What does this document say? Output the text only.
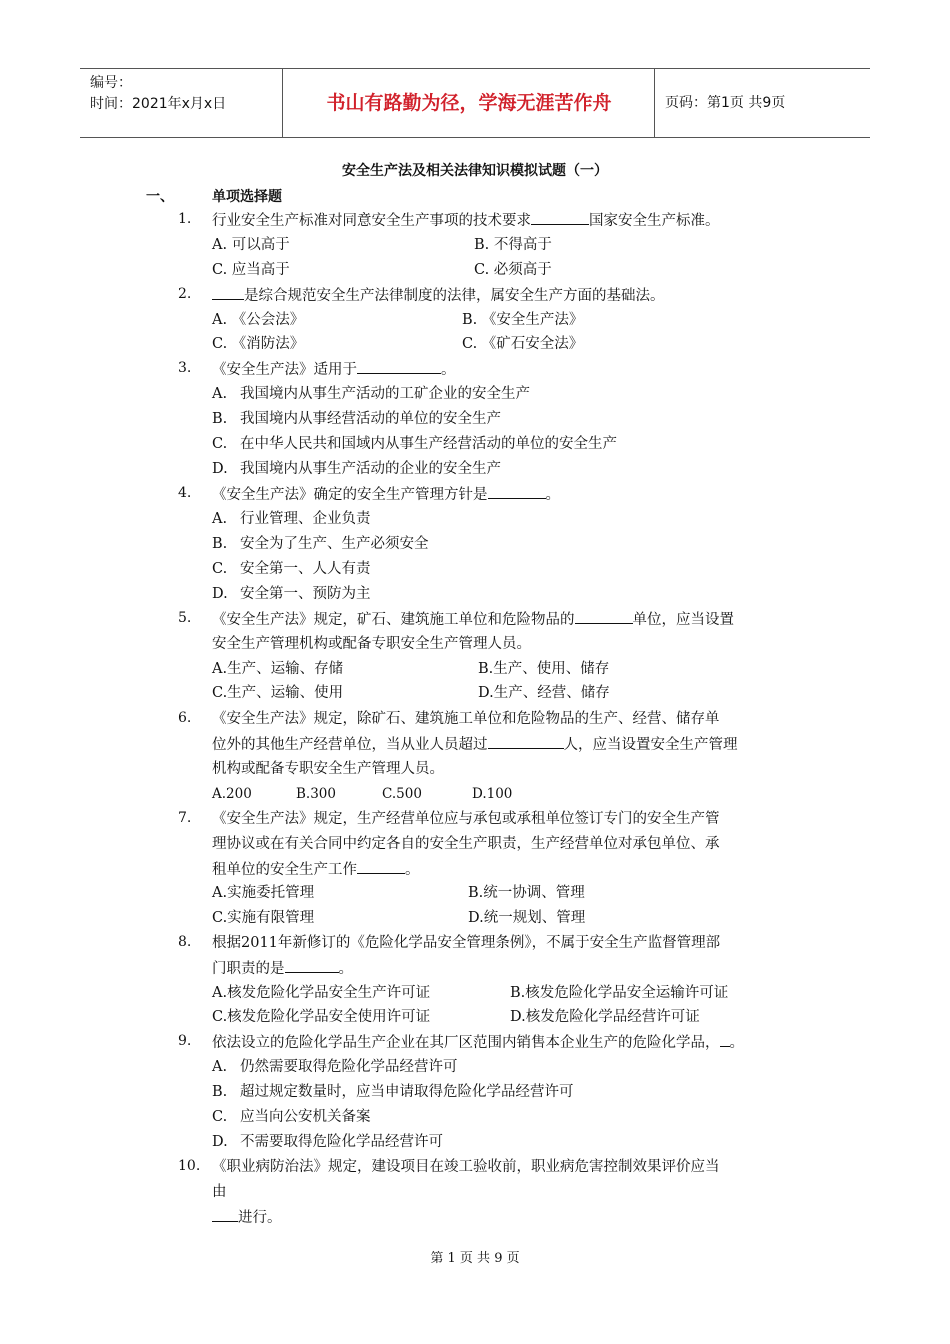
编号：
时间：2021年x月x日	书山有路勤为径，学海无涯苦作舟	页码：第1页 共9页
安全生产法及相关法律知识模拟试题（一）
一、	单项选择题
1. 行业安全生产标准对同意安全生产事项的技术要求	国家安全生产标准。
A. 可以高于	B. 不得高于
C. 应当高于	C. 必须高于
2.	是综合规范安全生产法律制度的法律，属安全生产方面的基础法。
A. 《公会法》	B. 《安全生产法》
C. 《消防法》	C. 《矿石安全法》
3. 《安全生产法》适用于	。
A. 我国境内从事生产活动的工矿企业的安全生产
B. 我国境内从事经营活动的单位的安全生产
C. 在中华人民共和国域内从事生产经营活动的单位的安全生产
D. 我国境内从事生产活动的企业的安全生产
4. 《安全生产法》确定的安全生产管理方针是	。
A. 行业管理、企业负责
B. 安全为了生产、生产必须安全
C. 安全第一、人人有责
D. 安全第一、预防为主
5. 《安全生产法》规定，矿石、建筑施工单位和危险物品的	单位，应当设置
安全生产管理机构或配备专职安全生产管理人员。
A.生产、运输、存储	B.生产、使用、储存
C.生产、运输、使用	D.生产、经营、储存
6. 《安全生产法》规定，除矿石、建筑施工单位和危险物品的生产、经营、储存单
位外的其他生产经营单位，当从业人员超过	人，应当设置安全生产管理
机构或配备专职安全生产管理人员。
A.200	B.300	C.500	D.100
7. 《安全生产法》规定，生产经营单位应与承包或承租单位签订专门的安全生产管
理协议或在有关合同中约定各自的安全生产职责，生产经营单位对承包单位、承
租单位的安全生产工作	。
A.实施委托管理	B.统一协调、管理
C.实施有限管理	D.统一规划、管理
8. 根据2011年新修订的《危险化学品安全管理条例》，不属于安全生产监督管理部
门职责的是	。
A.核发危险化学品安全生产许可证	B.核发危险化学品安全运输许可证
C.核发危险化学品安全使用许可证	D.核发危险化学品经营许可证
9. 依法设立的危险化学品生产企业在其厂区范围内销售本企业生产的危险化学品， 。
A. 仍然需要取得危险化学品经营许可
B. 超过规定数量时，应当申请取得危险化学品经营许可
C. 应当向公安机关备案
D. 不需要取得危险化学品经营许可
10. 《职业病防治法》规定，建设项目在竣工验收前，职业病危害控制效果评价应当
由
进行。
第 1 页 共 9 页
